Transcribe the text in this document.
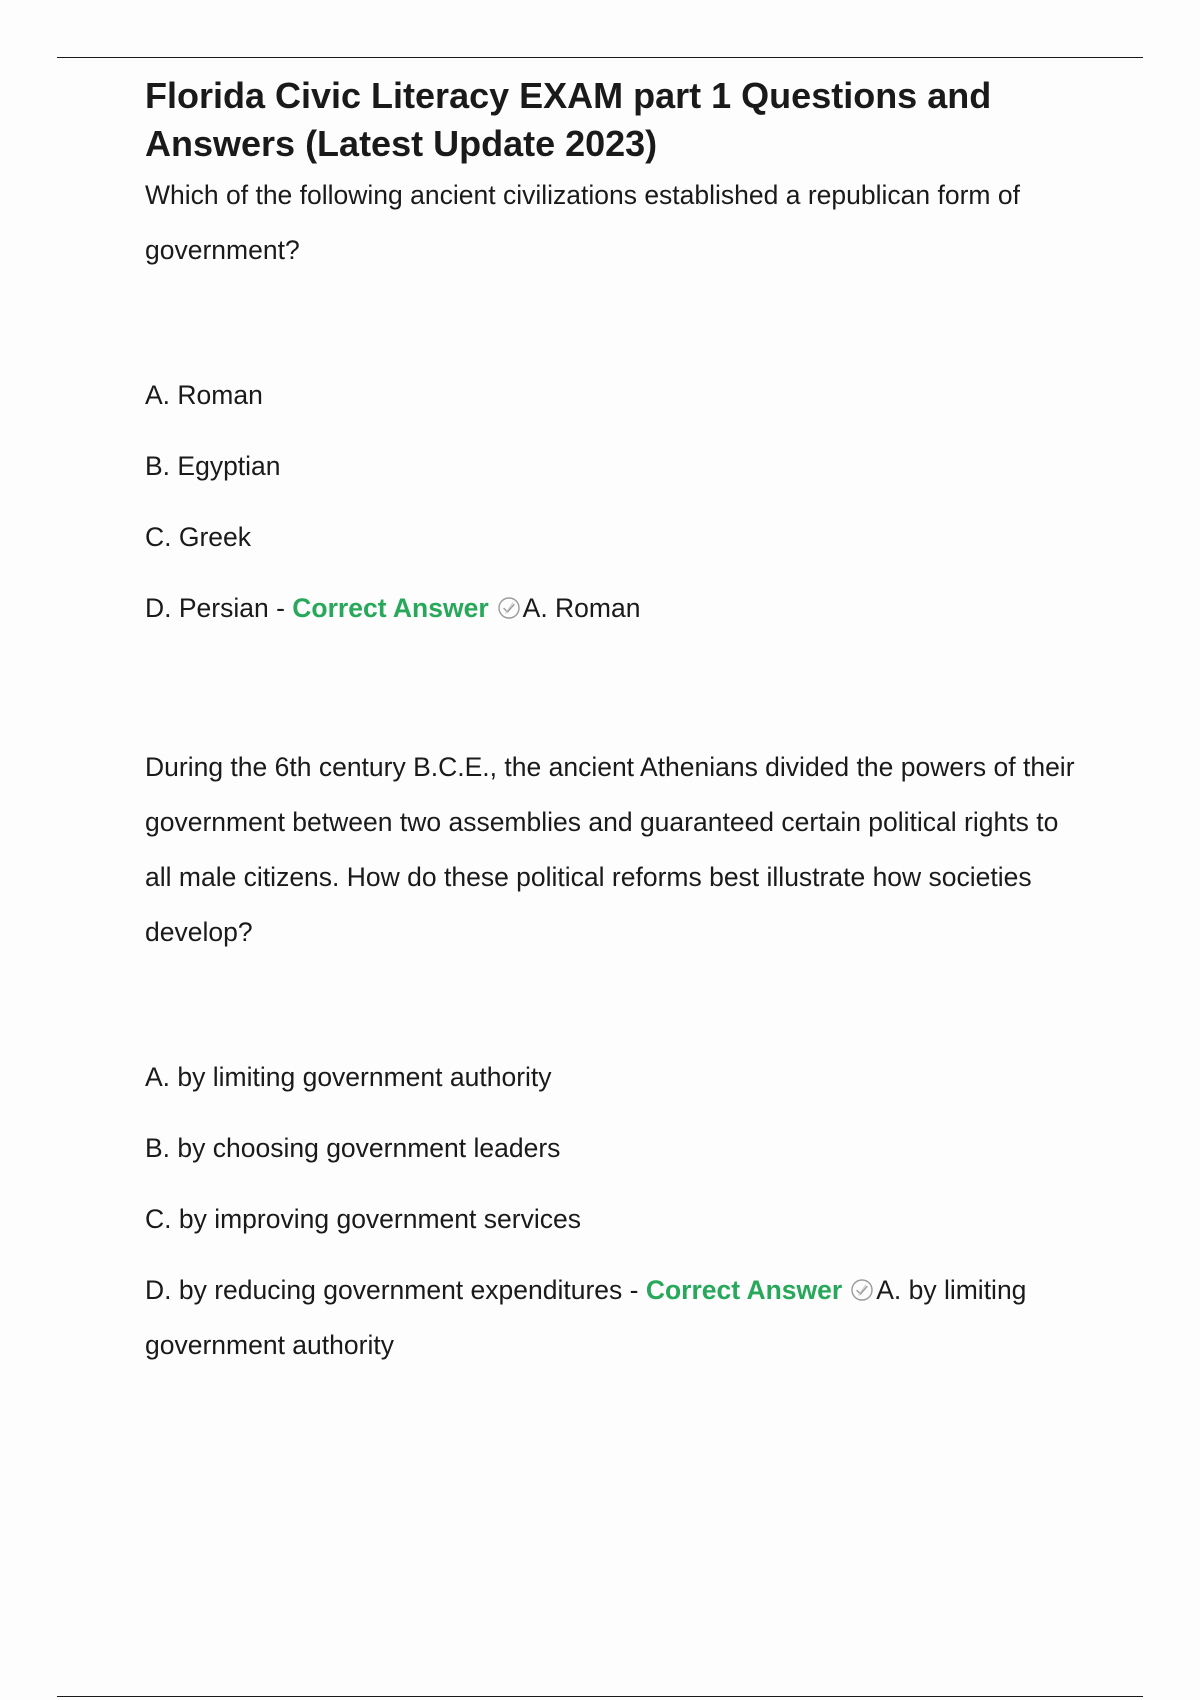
Florida Civic Literacy EXAM part 1 Questions and Answers (Latest Update 2023)

Which of the following ancient civilizations established a republican form of government?

A. Roman
B. Egyptian
C. Greek
D. Persian - Correct Answer A. Roman

During the 6th century B.C.E., the ancient Athenians divided the powers of their government between two assemblies and guaranteed certain political rights to all male citizens. How do these political reforms best illustrate how societies develop?

A. by limiting government authority
B. by choosing government leaders
C. by improving government services
D. by reducing government expenditures - Correct Answer A. by limiting government authority
